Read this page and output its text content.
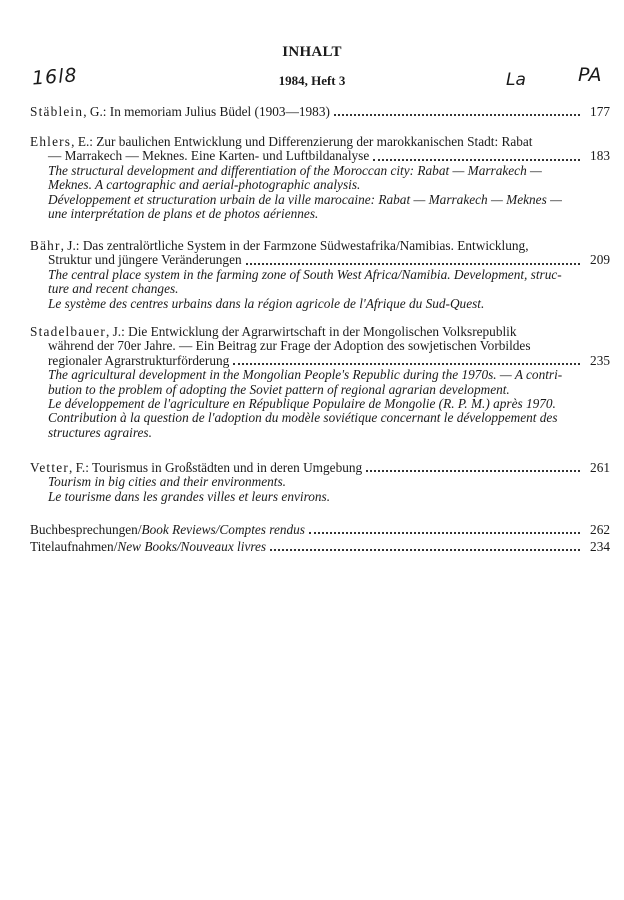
INHALT
1984, Heft 3
16l8	La	PA
Stäblein, G.: In memoriam Julius Büdel (1903—1983)	177
Ehlers, E.: Zur baulichen Entwicklung und Differenzierung der marokkanischen Stadt: Rabat
— Marrakech — Meknes. Eine Karten- und Luftbildanalyse	183
The structural development and differentiation of the Moroccan city: Rabat — Marrakech —
Meknes. A cartographic and aerial-photographic analysis.
Développement et structuration urbain de la ville marocaine: Rabat — Marrakech — Meknes —
une interprétation de plans et de photos aériennes.
Bähr, J.: Das zentralörtliche System in der Farmzone Südwestafrika/Namibias. Entwicklung,
Struktur und jüngere Veränderungen	209
The central place system in the farming zone of South West Africa/Namibia. Development, struc-
ture and recent changes.
Le système des centres urbains dans la région agricole de l'Afrique du Sud-Quest.
Stadelbauer, J.: Die Entwicklung der Agrarwirtschaft in der Mongolischen Volksrepublik
während der 70er Jahre. — Ein Beitrag zur Frage der Adoption des sowjetischen Vorbildes
regionaler Agrarstrukturförderung	235
The agricultural development in the Mongolian People's Republic during the 1970s. — A contri-
bution to the problem of adopting the Soviet pattern of regional agrarian development.
Le développement de l'agriculture en République Populaire de Mongolie (R. P. M.) après 1970.
Contribution à la question de l'adoption du modèle soviétique concernant le développement des
structures agraires.
Vetter, F.: Tourismus in Großstädten und in deren Umgebung	261
Tourism in big cities and their environments.
Le tourisme dans les grandes villes et leurs environs.
Buchbesprechungen/Book Reviews/Comptes rendus	262
Titelaufnahmen/New Books/Nouveaux livres	234
